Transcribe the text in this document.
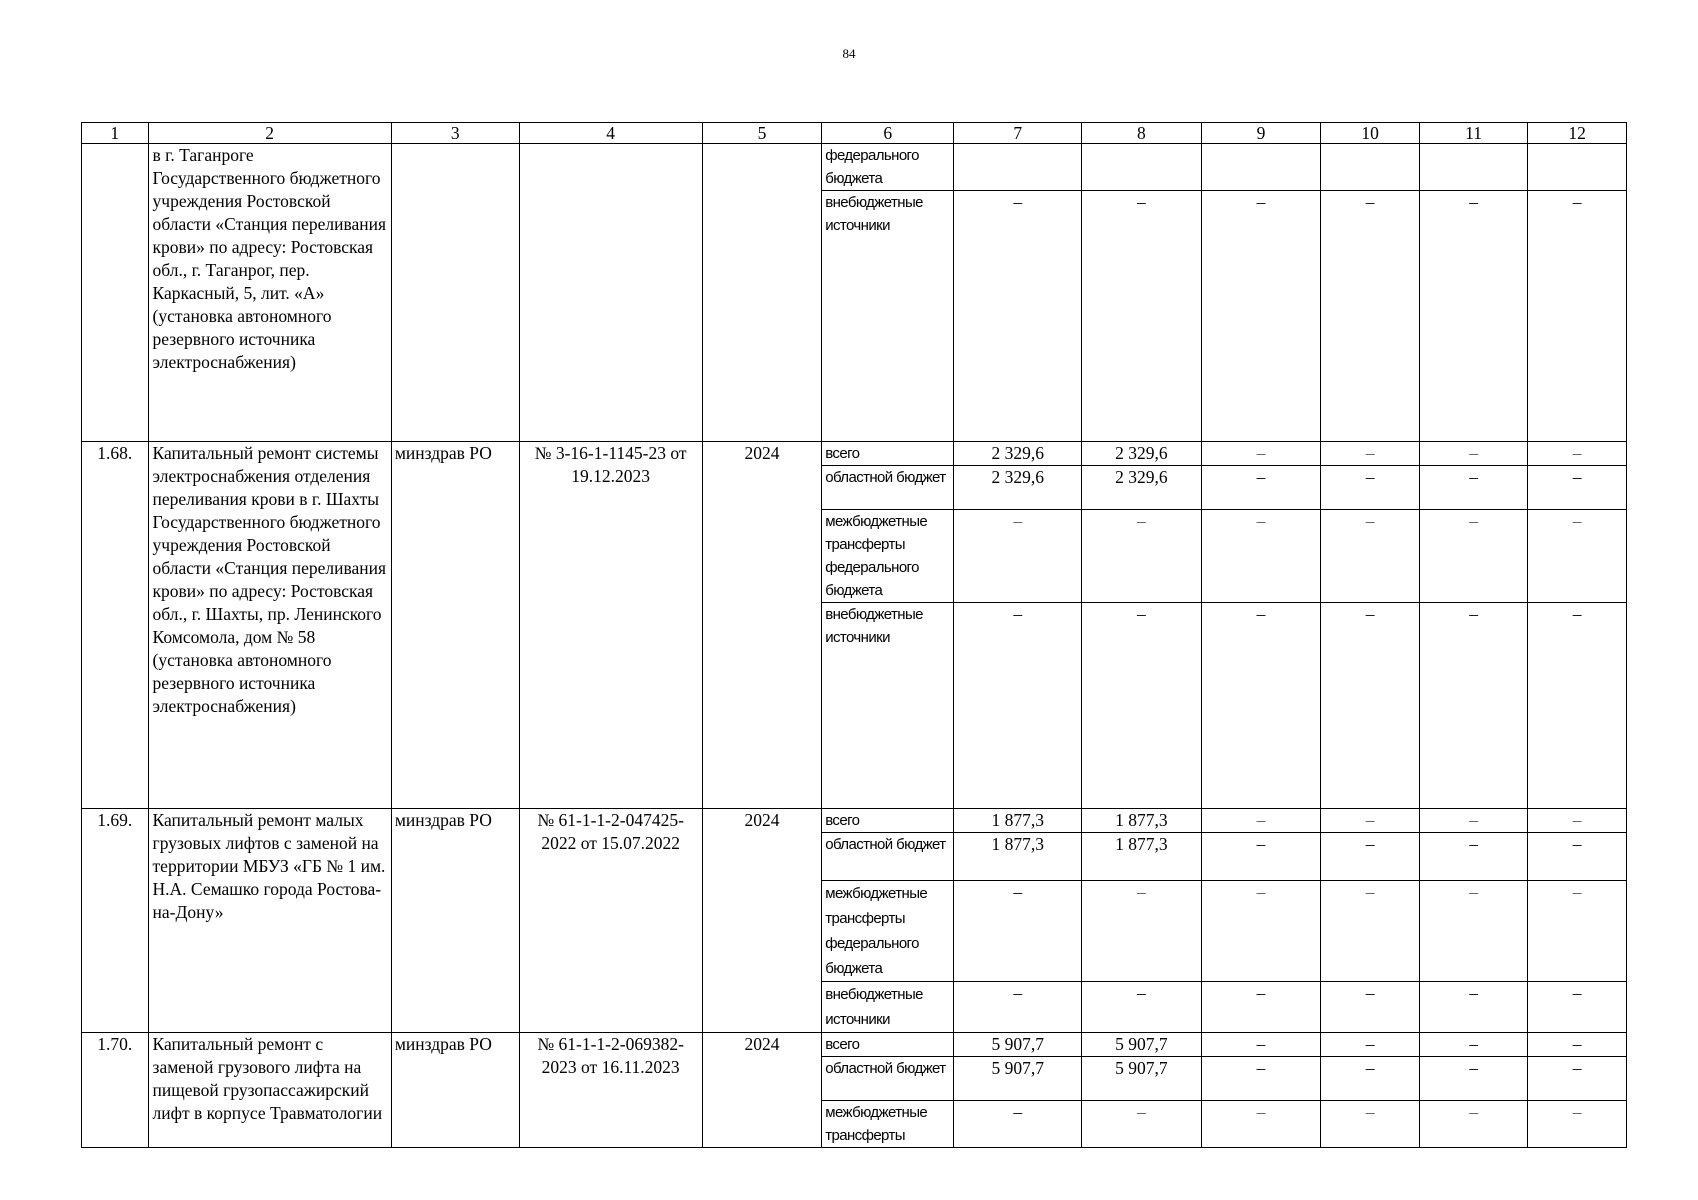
84
1	2	3	4	5	6	7	8	9	10	11	12
	в г. Таганроге Государственного бюджетного учреждения Ростовской области «Станция переливания крови» по адресу: Ростовская обл., г. Таганрог, пер. Каркасный, 5, лит. «А» (установка автономного резервного источника электроснабжения)				федерального бюджета						
					внебюджетные источники	–	–	–	–	–	–
1.68.	Капитальный ремонт системы электроснабжения отделения переливания крови в г. Шахты Государственного бюджетного учреждения Ростовской области «Станция переливания крови» по адресу: Ростовская обл., г. Шахты, пр. Ленинского Комсомола, дом № 58 (установка автономного резервного источника электроснабжения)	минздрав РО	№ 3-16-1-1145-23 от 19.12.2023	2024	всего	2 329,6	2 329,6	–	–	–	–
					областной бюджет	2 329,6	2 329,6	–	–	–	–
					межбюджетные трансферты федерального бюджета	–	–	–	–	–	–
					внебюджетные источники	–	–	–	–	–	–
1.69.	Капитальный ремонт малых грузовых лифтов с заменой на территории МБУЗ «ГБ № 1 им. Н.А. Семашко города Ростова-на-Дону»	минздрав РО	№ 61-1-1-2-047425-2022 от 15.07.2022	2024	всего	1 877,3	1 877,3	–	–	–	–
					областной бюджет	1 877,3	1 877,3	–	–	–	–
					межбюджетные трансферты федерального бюджета	–	–	–	–	–	–
					внебюджетные источники	–	–	–	–	–	–
1.70.	Капитальный ремонт с заменой грузового лифта на пищевой грузопассажирский лифт в корпусе Травматологии	минздрав РО	№ 61-1-1-2-069382-2023 от 16.11.2023	2024	всего	5 907,7	5 907,7	–	–	–	–
					областной бюджет	5 907,7	5 907,7	–	–	–	–
					межбюджетные трансферты	–	–	–	–	–	–
